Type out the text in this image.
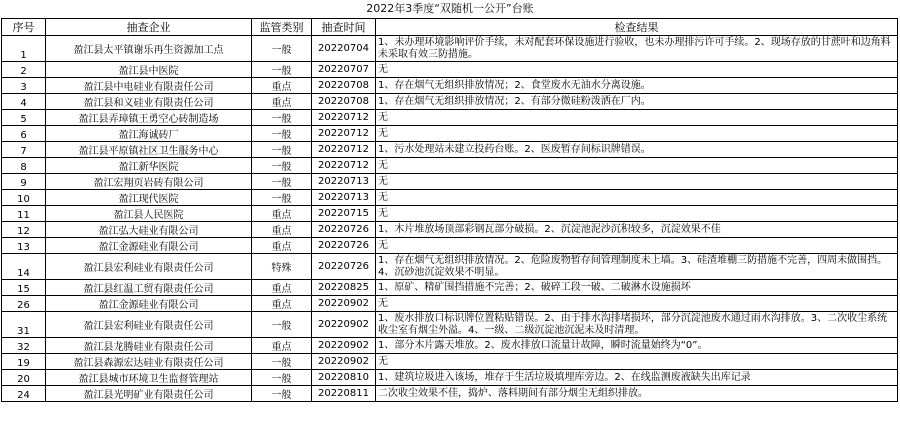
2022年3季度“双随机一公开”台账
序号	抽查企业	监管类别	抽查时间	检查结果
1	盈江县太平镇谢乐再生资源加工点	一般	20220704	1、未办理环境影响评价手续，未对配套环保设施进行验收，也未办理排污许可手续。2、现场存放的甘蔗叶和边角料未采取有效三防措施。
2	盈江县中医院	一般	20220707	无
3	盈江县中电硅业有限责任公司	重点	20220708	1、存在烟气无组织排放情况；2、食堂废水无油水分离设施。
4	盈江县和义硅业有限责任公司	重点	20220708	1、存在烟气无组织排放情况；2、有部分微硅粉泼洒在厂内。
5	盈江县弄璋镇王勇空心砖制造场	一般	20220712	无
6	盈江海诚砖厂	一般	20220712	无
7	盈江县平原镇社区卫生服务中心	一般	20220712	1、污水处理站未建立投药台账。2、医废暂存间标识牌错误。
8	盈江新华医院	一般	20220712	无
9	盈江宏翔页岩砖有限公司	一般	20220713	无
10	盈江现代医院	一般	20220713	无
11	盈江县人民医院	重点	20220715	无
12	盈江弘大硅业有限公司	重点	20220726	1、木片堆放场顶部彩钢瓦部分破损。2、沉淀池泥沙沉积较多，沉淀效果不佳
13	盈江金源硅业有限公司	重点	20220726	无
14	盈江县宏利硅业有限责任公司	特殊	20220726	1、存在烟气无组织排放情况。2、危险废物暂存间管理制度未上墙。3、硅渣堆棚三防措施不完善，四周未做围挡。4、沉砂池沉淀效果不明显。
15	盈江县红温工贸有限责任公司	重点	20220825	1、原矿、精矿围挡措施不完善；2、破碎工段一破、二破淋水设施损坏
26	盈江金源硅业有限公司	重点	20220902	无
31	盈江县宏利硅业有限责任公司	一般	20220902	1、废水排放口标识牌位置粘贴错误。2、由于排水沟排堵损坏，部分沉淀池废水通过雨水沟排放。3、二次收尘系统收尘室有烟尘外溢。4、一级、二级沉淀池沉泥未及时清理。
32	盈江县龙腾硅业有限责任公司	重点	20220902	1、部分木片露天堆放。2、废水排放口流量计故障，瞬时流量始终为“0”。
19	盈江县森源宏达硅业有限责任公司	一般	20220902	无
20	盈江县城市环境卫生监督管理站	一般	20220810	1、建筑垃圾进入该场，堆存于生活垃圾填埋库旁边。2、在线监测废液缺失出库记录
24	盈江县光明矿业有限责任公司	一般	20220811	二次收尘效果不佳，捣炉、落料期间有部分烟尘无组织排放。
